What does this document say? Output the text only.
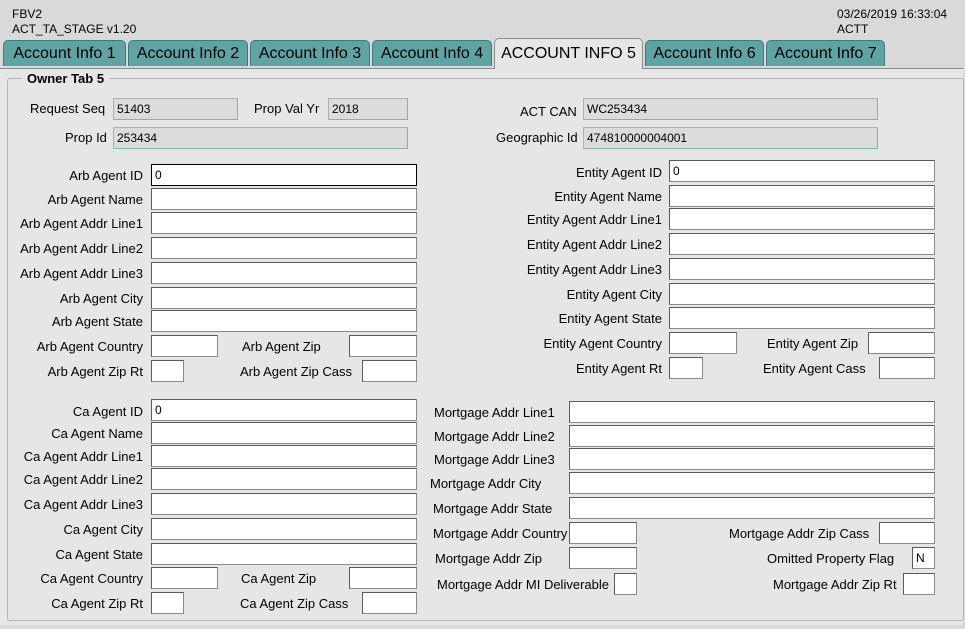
FBV2
ACT_TA_STAGE v1.20
03/26/2019 16:33:04
ACTT
Account Info 1	Account Info 2	Account Info 3	Account Info 4	ACCOUNT INFO 5	Account Info 6	Account Info 7
Owner Tab 5
Request Seq 51403	Prop Val Yr	2018
Prop Id 253434
ACT CAN WC253434
Geographic Id 474810000004001
Arb Agent ID	0
Arb Agent Name
Arb Agent Addr Line1
Arb Agent Addr Line2
Arb Agent Addr Line3
Arb Agent City
Arb Agent State
Arb Agent Country	Arb Agent Zip
Arb Agent Zip Rt	Arb Agent Zip Cass
Entity Agent ID 0
Entity Agent Name
Entity Agent Addr Line1
Entity Agent Addr Line2
Entity Agent Addr Line3
Entity Agent City
Entity Agent State
Entity Agent Country	Entity Agent Zip
Entity Agent Rt	Entity Agent Cass
Ca Agent ID	0
Ca Agent Name
Ca Agent Addr Line1
Ca Agent Addr Line2
Ca Agent Addr Line3
Ca Agent City
Ca Agent State
Ca Agent Country	Ca Agent Zip
Ca Agent Zip Rt	Ca Agent Zip Cass
Mortgage Addr Line1
Mortgage Addr Line2
Mortgage Addr Line3
Mortgage Addr City
Mortgage Addr State
Mortgage Addr Country	Mortgage Addr Zip Cass
Mortgage Addr Zip	Omitted Property Flag	N
Mortgage Addr MI Deliverable	Mortgage Addr Zip Rt
